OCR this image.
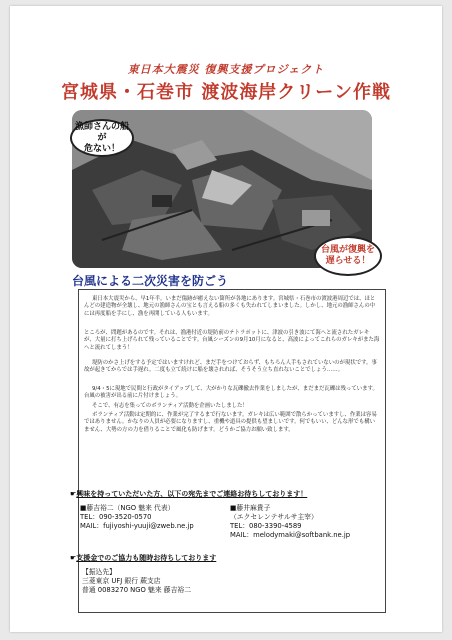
東日本大震災 復興支援プロジェクト
宮城県・石巻市 渡波海岸クリーン作戦
漁師さんの船が
危ない！
台風が復興を
遅らせる！
台風による二次災害を防ごう
東日本大震災から、早1年半。いまだ傷跡が癒えない箇所が各地にあります。宮城県・石巻市の渡波港周辺では、ほとんどの建造物が全壊し、地元の漁師さんの宝とも言える船の多くも失われてしまいました。しかし、地元の漁師さんの中には再度船を手にし、漁を再開している人もいます。
ところが、問題があるのです。それは、漁港付近の堤防前のテトラポットに、津波の引き波にて海へと流されたガレキが、大量に打ち上げられて残っていることです。台風シーズンの9月10月になると、高波によってこれらのガレキがまた海へと流れてしまう！
堤防のかさ上げをする予定ではいますけれど、まだ手をつけておらず、もちろん人手もされていないのが現状です。事故が起きてからでは手遅れ。二度も立て続けに船を壊されれば、そうそう立ち直れないことでしょう……。
9/4・5に現地で民間と行政がタイアップして、大がかりな瓦礫撤去作業をしましたが、まだまだ瓦礫は残っています。台風の被害が出る前に片付けましょう。
そこで、有志を集ってのボランティア活動を企画いたしました！
ボランティア活動は定期的に、作業が完了するまで行ないます。ガレキは広い範囲で散らかっていますし、作業は容易ではありません。かなりの人員が必要になりますし、重機や道具の提供も望ましいです。何でもいい、どんな形でも構いません、大勢の方の力を借りることで風化も防げます。どうかご協力お願い致します。
☛興味を持っていただいた方、以下の宛先までご連絡お待ちしております！
■藤吉裕二（NGO 魅来 代表）
TEL：090-3520-0570
MAIL：fujiyoshi-yuuji@zweb.ne.jp
■藤井麻貴子
（エクセレンテサルサ主宰）
TEL：080-3390-4589
MAIL：melodymaki@softbank.ne.jp
☛支援金でのご協力も随時お待ちしております
【振込先】
三菱東京 UFJ 銀行 蕨支店
普通 0083270 NGO 魅来 藤吉裕二
